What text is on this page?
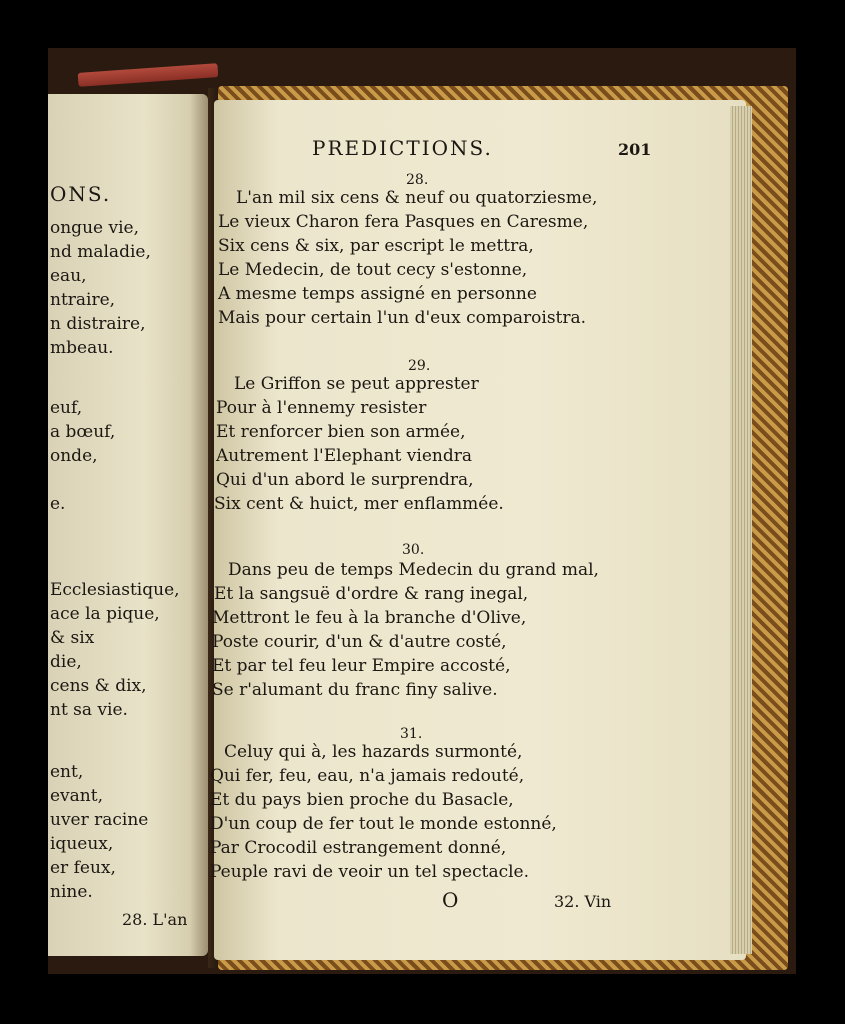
ONS.
ongue vie,
nd maladie,
eau,
ntraire,
n distraire,
mbeau.
euf,
a bœuf,
onde,
e.
Ecclesiastique,
ace la pique,
& six
die,
cens & dix,
nt sa vie.
ent,
evant,
uver racine
iqueux,
er feux,
nine.
28. L'an
PREDICTIONS.	201
28.
L'an mil six cens & neuf ou quatorziesme,
Le vieux Charon fera Pasques en Caresme,
Six cens & six, par escript le mettra,
Le Medecin, de tout cecy s'estonne,
A mesme temps assigné en personne
Mais pour certain l'un d'eux comparoistra.
29.
Le Griffon se peut apprester
Pour à l'ennemy resister
Et renforcer bien son armée,
Autrement l'Elephant viendra
Qui d'un abord le surprendra,
Six cent & huict, mer enflammée.
30.
Dans peu de temps Medecin du grand mal,
Et la sangsuë d'ordre & rang inegal,
Mettront le feu à la branche d'Olive,
Poste courir, d'un & d'autre costé,
Et par tel feu leur Empire accosté,
Se r'alumant du franc finy salive.
31.
Celuy qui à, les hazards surmonté,
Qui fer, feu, eau, n'a jamais redouté,
Et du pays bien proche du Basacle,
D'un coup de fer tout le monde estonné,
Par Crocodil estrangement donné,
Peuple ravi de veoir un tel spectacle.
O	32. Vin
